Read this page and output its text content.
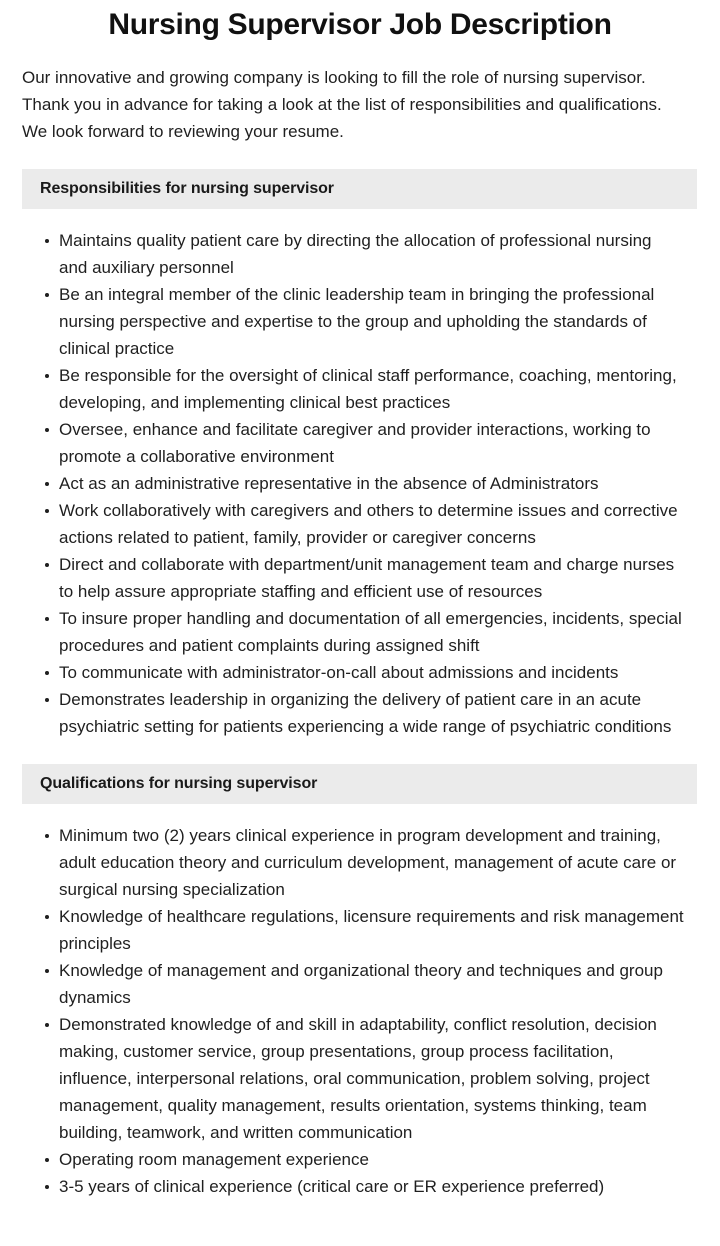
Nursing Supervisor Job Description

Our innovative and growing company is looking to fill the role of nursing supervisor. Thank you in advance for taking a look at the list of responsibilities and qualifications. We look forward to reviewing your resume.

Responsibilities for nursing supervisor
Maintains quality patient care by directing the allocation of professional nursing and auxiliary personnel
Be an integral member of the clinic leadership team in bringing the professional nursing perspective and expertise to the group and upholding the standards of clinical practice
Be responsible for the oversight of clinical staff performance, coaching, mentoring, developing, and implementing clinical best practices
Oversee, enhance and facilitate caregiver and provider interactions, working to promote a collaborative environment
Act as an administrative representative in the absence of Administrators
Work collaboratively with caregivers and others to determine issues and corrective actions related to patient, family, provider or caregiver concerns
Direct and collaborate with department/unit management team and charge nurses to help assure appropriate staffing and efficient use of resources
To insure proper handling and documentation of all emergencies, incidents, special procedures and patient complaints during assigned shift
To communicate with administrator-on-call about admissions and incidents
Demonstrates leadership in organizing the delivery of patient care in an acute psychiatric setting for patients experiencing a wide range of psychiatric conditions
Qualifications for nursing supervisor
Minimum two (2) years clinical experience in program development and training, adult education theory and curriculum development, management of acute care or surgical nursing specialization
Knowledge of healthcare regulations, licensure requirements and risk management principles
Knowledge of management and organizational theory and techniques and group dynamics
Demonstrated knowledge of and skill in adaptability, conflict resolution, decision making, customer service, group presentations, group process facilitation, influence, interpersonal relations, oral communication, problem solving, project management, quality management, results orientation, systems thinking, team building, teamwork, and written communication
Operating room management experience
3-5 years of clinical experience (critical care or ER experience preferred)
